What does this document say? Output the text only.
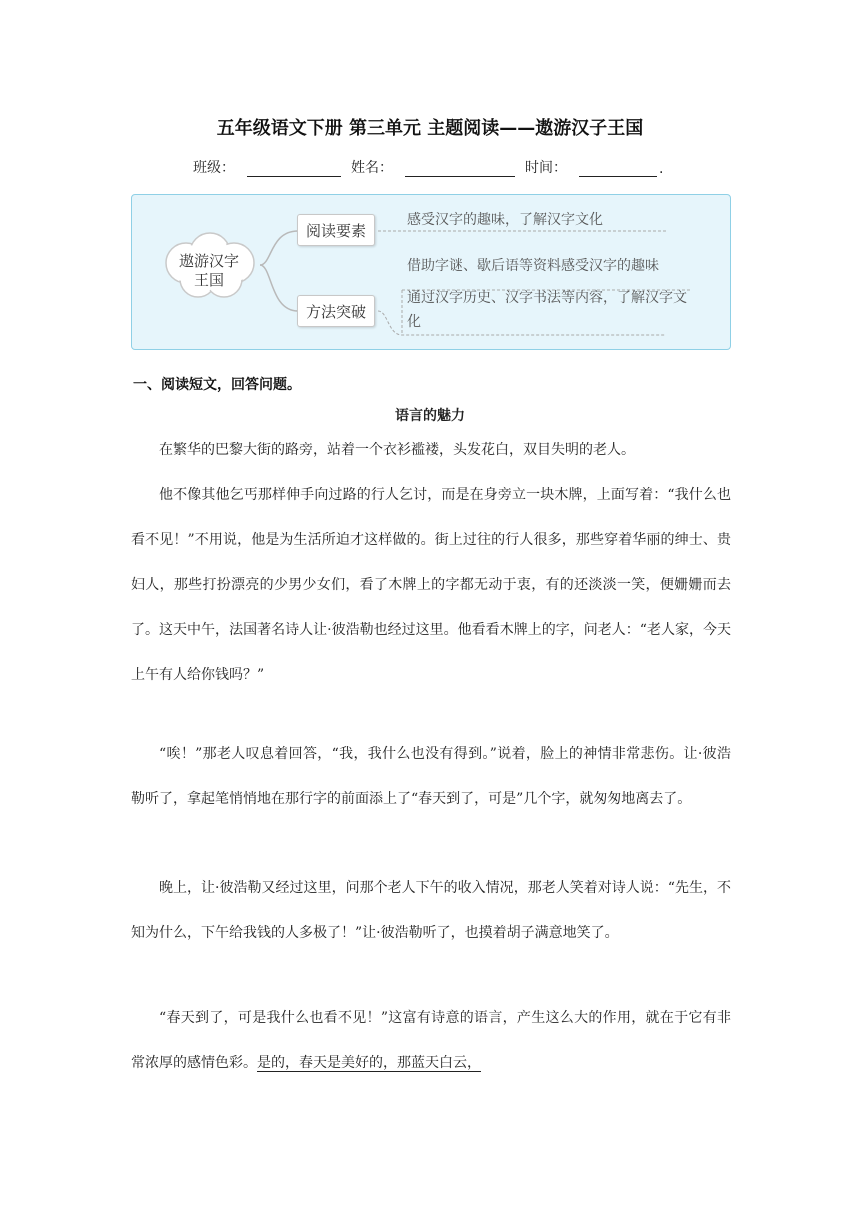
五年级语文下册 第三单元 主题阅读——遨游汉子王国
班级：	姓名：	时间：	.
遨游汉字王国
阅读要素
方法突破
感受汉字的趣味，了解汉字文化
借助字谜、歇后语等资料感受汉字的趣味
通过汉字历史、汉字书法等内容，了解汉字文化
一、阅读短文，回答问题。
语言的魅力

在繁华的巴黎大街的路旁，站着一个衣衫褴褛，头发花白，双目失明的老人。

他不像其他乞丐那样伸手向过路的行人乞讨，而是在身旁立一块木牌，上面写着：“我什么也看不见！”不用说，他是为生活所迫才这样做的。街上过往的行人很多，那些穿着华丽的绅士、贵妇人，那些打扮漂亮的少男少女们，看了木牌上的字都无动于衷，有的还淡淡一笑，便姗姗而去了。这天中午，法国著名诗人让·彼浩勒也经过这里。他看看木牌上的字，问老人：“老人家，今天上午有人给你钱吗？”

“唉！”那老人叹息着回答，“我，我什么也没有得到。”说着，脸上的神情非常悲伤。让·彼浩勒听了，拿起笔悄悄地在那行字的前面添上了“春天到了，可是”几个字，就匆匆地离去了。

晚上，让·彼浩勒又经过这里，问那个老人下午的收入情况，那老人笑着对诗人说：“先生，不知为什么，下午给我钱的人多极了！”让·彼浩勒听了，也摸着胡子满意地笑了。

“春天到了，可是我什么也看不见！”这富有诗意的语言，产生这么大的作用，就在于它有非常浓厚的感情色彩。是的，春天是美好的，那蓝天白云，
